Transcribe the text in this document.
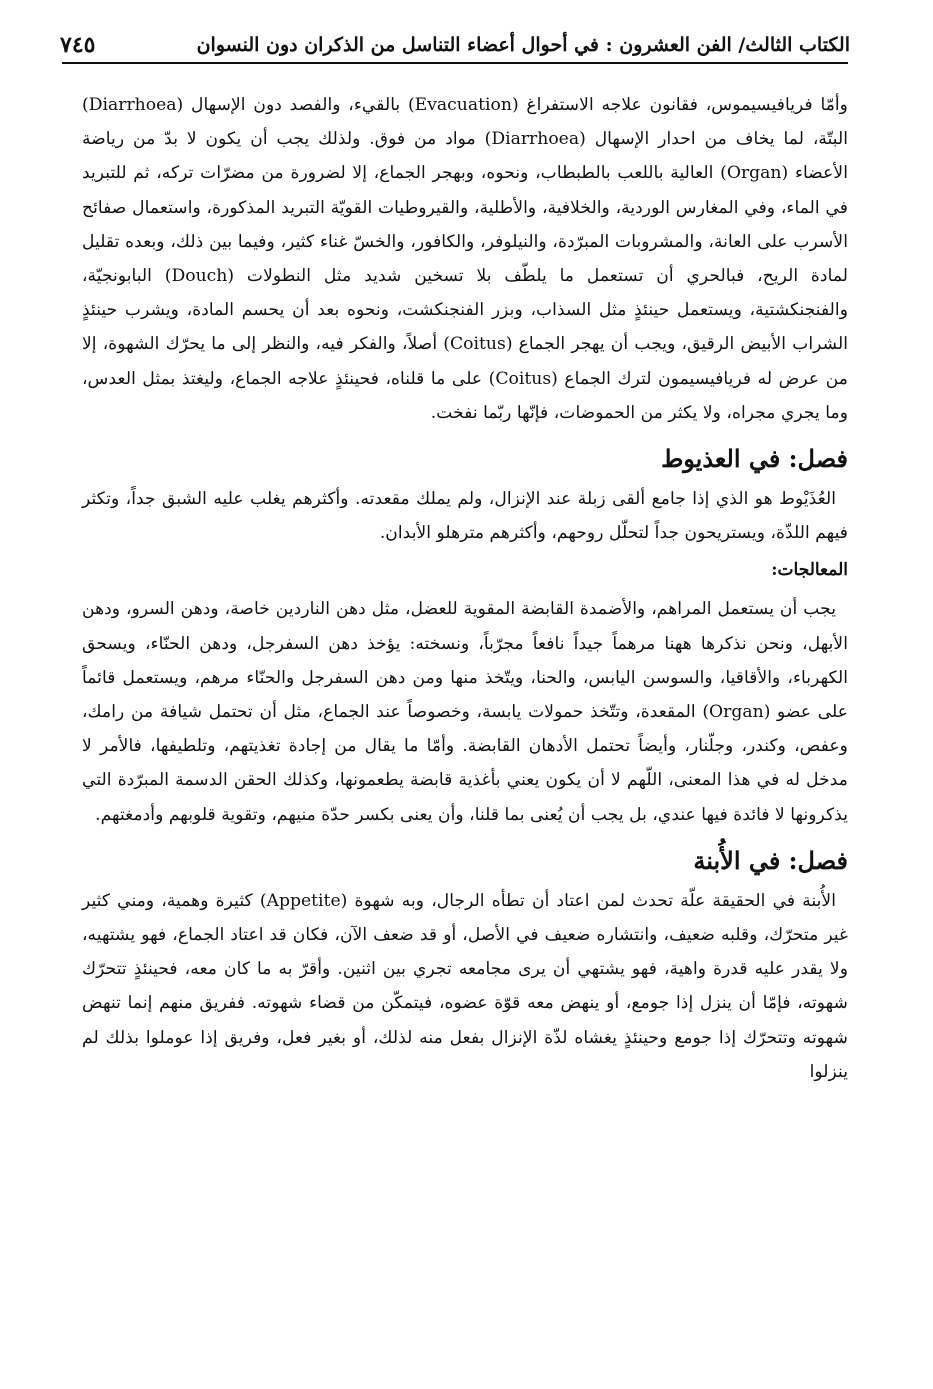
الكتاب الثالث/ الفن العشرون : في أحوال أعضاء التناسل من الذكران دون النسوان
٧٤٥

وأمّا فريافيسيموس، فقانون علاجه الاستفراغ (Evacuation) بالقيء، والفصد دون الإسهال (Diarrhoea) البتّة، لما يخاف من احدار الإسهال (Diarrhoea) مواد من فوق. ولذلك يجب أن يكون لا بدّ من رياضة الأعضاء (Organ) العالية باللعب بالطبطاب، ونحوه، وبهجر الجماع، إلا لضرورة من مضرّات تركه، ثم للتبريد في الماء، وفي المغارس الوردية، والخلافية، والأطلية، والقيروطيات القويّة التبريد المذكورة، واستعمال صفائح الأسرب على العانة، والمشروبات المبرّدة، والنيلوفر، والكافور، والخسّ غناء كثير، وفيما بين ذلك، وبعده تقليل لمادة الريح، فبالحري أن تستعمل ما يلطّف بلا تسخين شديد مثل النطولات (Douch) البابونجيّة، والفنجنكشتية، ويستعمل حينئذٍ مثل السذاب، وبزر الفنجنكشت، ونحوه بعد أن يحسم المادة، ويشرب حينئذٍ الشراب الأبيض الرقيق، ويجب أن يهجر الجماع (Coitus) أصلاً، والفكر فيه، والنظر إلى ما يحرّك الشهوة، إلا من عرض له فريافيسيمون لترك الجماع (Coitus) على ما قلناه، فحينئذٍ علاجه الجماع، وليغتذ بمثل العدس، وما يجري مجراه، ولا يكثر من الحموضات، فإنّها ربّما نفخت.

فصل: في العذيوط

العُذَيْوط هو الذي إذا جامع ألقى زبلة عند الإنزال، ولم يملك مقعدته. وأكثرهم يغلب عليه الشبق جداً، وتكثر فيهم اللذّة، ويستريحون جداً لتحلّل روحهم، وأكثرهم مترهلو الأبدان.

المعالجات:

يجب أن يستعمل المراهم، والأضمدة القابضة المقوية للعضل، مثل دهن الناردين خاصة، ودهن السرو، ودهن الأبهل، ونحن نذكرها ههنا مرهماً جيداً نافعاً مجرّباً، ونسخته: يؤخذ دهن السفرجل، ودهن الحنّاء، ويسحق الكهرباء، والأقاقيا، والسوسن اليابس، والحنا، ويتّخذ منها ومن دهن السفرجل والحنّاء مرهم، ويستعمل قائماً على عضو (Organ) المقعدة، وتتّخذ حمولات يابسة، وخصوصاً عند الجماع، مثل أن تحتمل شيافة من رامك، وعفص، وكندر، وجلّنار، وأيضاً تحتمل الأدهان القابضة. وأمّا ما يقال من إجادة تغذيتهم، وتلطيفها، فالأمر لا مدخل له في هذا المعنى، اللّهم لا أن يكون يعني بأغذية قابضة يطعمونها، وكذلك الحقن الدسمة المبرّدة التي يذكرونها لا فائدة فيها عندي، بل يجب أن يُعنى بما قلنا، وأن يعنى بكسر حدّة منيهم، وتقوية قلوبهم وأدمغتهم.

فصل: في الأُبنة

الأُبنة في الحقيقة علّة تحدث لمن اعتاد أن تطأه الرجال، وبه شهوة (Appetite) كثيرة وهمية، ومني كثير غير متحرّك، وقلبه ضعيف، وانتشاره ضعيف في الأصل، أو قد ضعف الآن، فكان قد اعتاد الجماع، فهو يشتهيه، ولا يقدر عليه قدرة واهية، فهو يشتهي أن يرى مجامعه تجري بين اثنين. وأقرّ به ما كان معه، فحينئذٍ تتحرّك شهوته، فإمّا أن ينزل إذا جومع، أو ينهض معه قوّة عضوه، فيتمكّن من قضاء شهوته. ففريق منهم إنما تنهض شهوته وتتحرّك إذا جومع وحينئذٍ يغشاه لذّة الإنزال بفعل منه لذلك، أو بغير فعل، وفريق إذا عوملوا بذلك لم ينزلوا
